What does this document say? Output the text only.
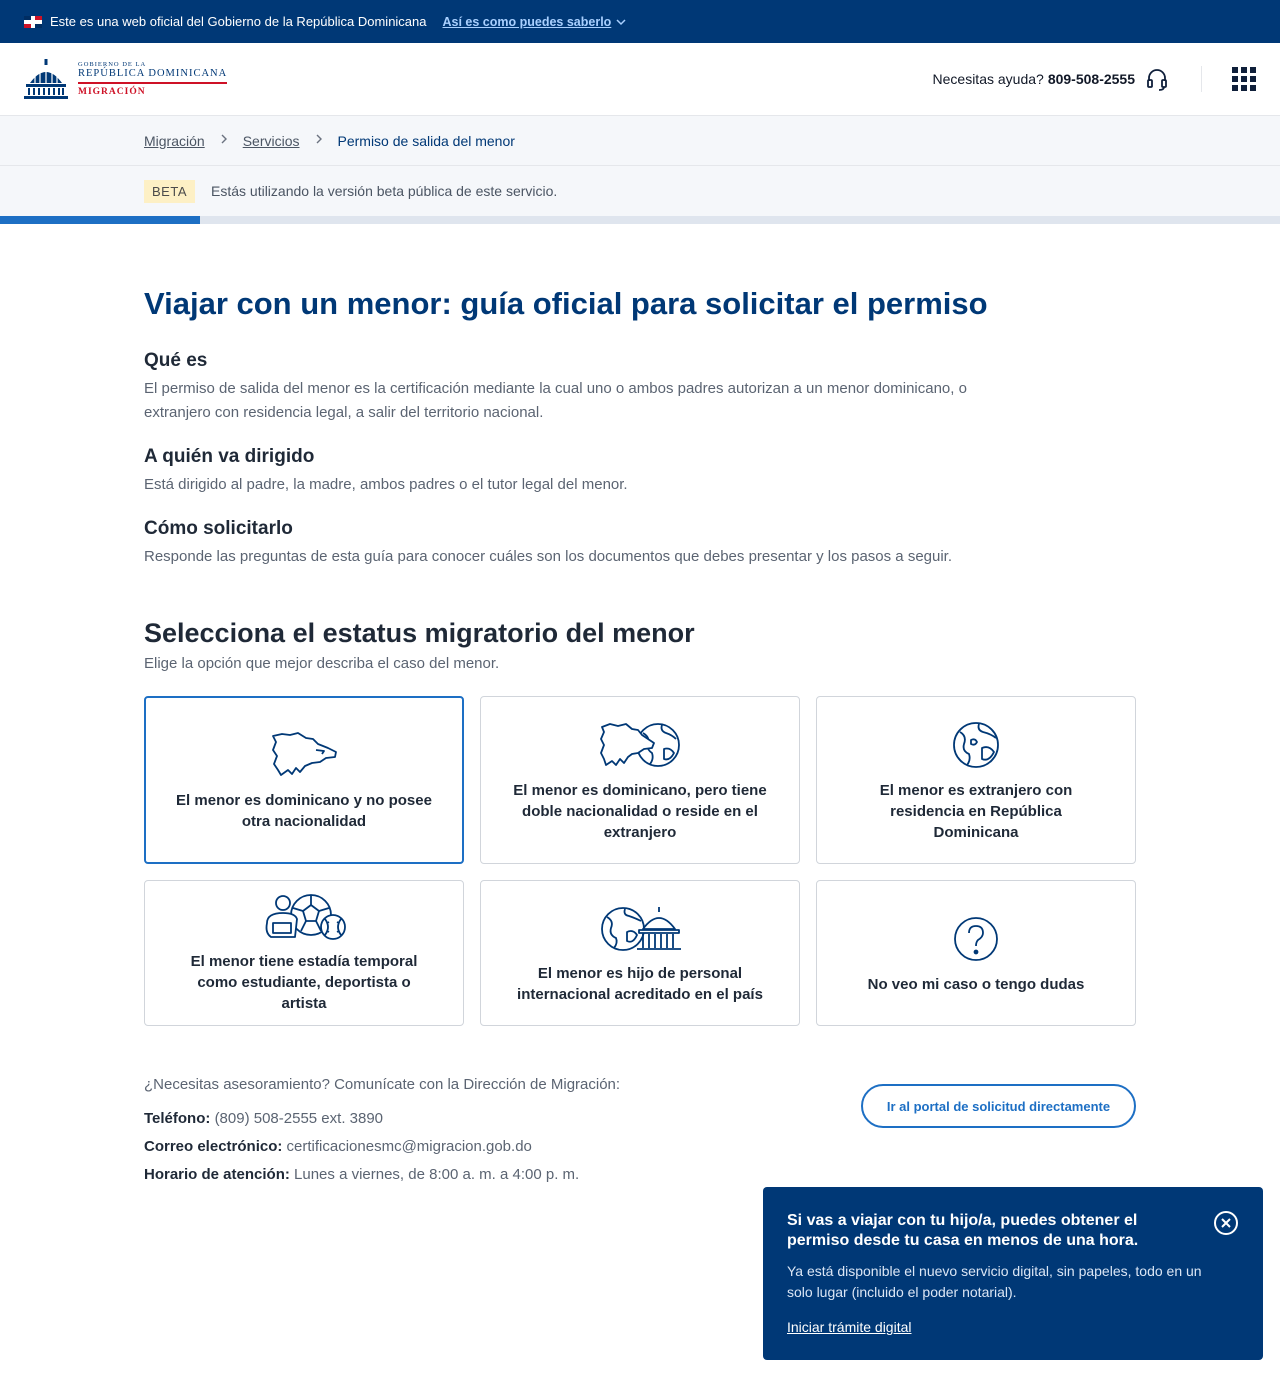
Este es una web oficial del Gobierno de la República Dominicana Así es como puedes saberlo
GOBIERNO DE LA
REPÚBLICA DOMINICANA
MIGRACIÓN
Necesitas ayuda? 809-508-2555
Migración	Servicios	Permiso de salida del menor
BETA	Estás utilizando la versión beta pública de este servicio.
Viajar con un menor: guía oficial para solicitar el permiso
Qué es

El permiso de salida del menor es la certificación mediante la cual uno o ambos padres autorizan a un menor dominicano, o extranjero con residencia legal, a salir del territorio nacional.

A quién va dirigido

Está dirigido al padre, la madre, ambos padres o el tutor legal del menor.

Cómo solicitarlo

Responde las preguntas de esta guía para conocer cuáles son los documentos que debes presentar y los pasos a seguir.

Selecciona el estatus migratorio del menor
Elige la opción que mejor describa el caso del menor.
El menor es dominicano y no posee otra nacionalidad
El menor es dominicano, pero tiene doble nacionalidad o reside en el extranjero
El menor es extranjero con residencia en República Dominicana
El menor tiene estadía temporal como estudiante, deportista o artista
El menor es hijo de personal internacional acreditado en el país
No veo mi caso o tengo dudas
¿Necesitas asesoramiento? Comunícate con la Dirección de Migración:
Teléfono: (809) 508-2555 ext. 3890
Correo electrónico: certificacionesmc@migracion.gob.do
Horario de atención: Lunes a viernes, de 8:00 a. m. a 4:00 p. m.
Ir al portal de solicitud directamente
Si vas a viajar con tu hijo/a, puedes obtener el permiso desde tu casa en menos de una hora.
Ya está disponible el nuevo servicio digital, sin papeles, todo en un solo lugar (incluido el poder notarial).
Iniciar trámite digital
